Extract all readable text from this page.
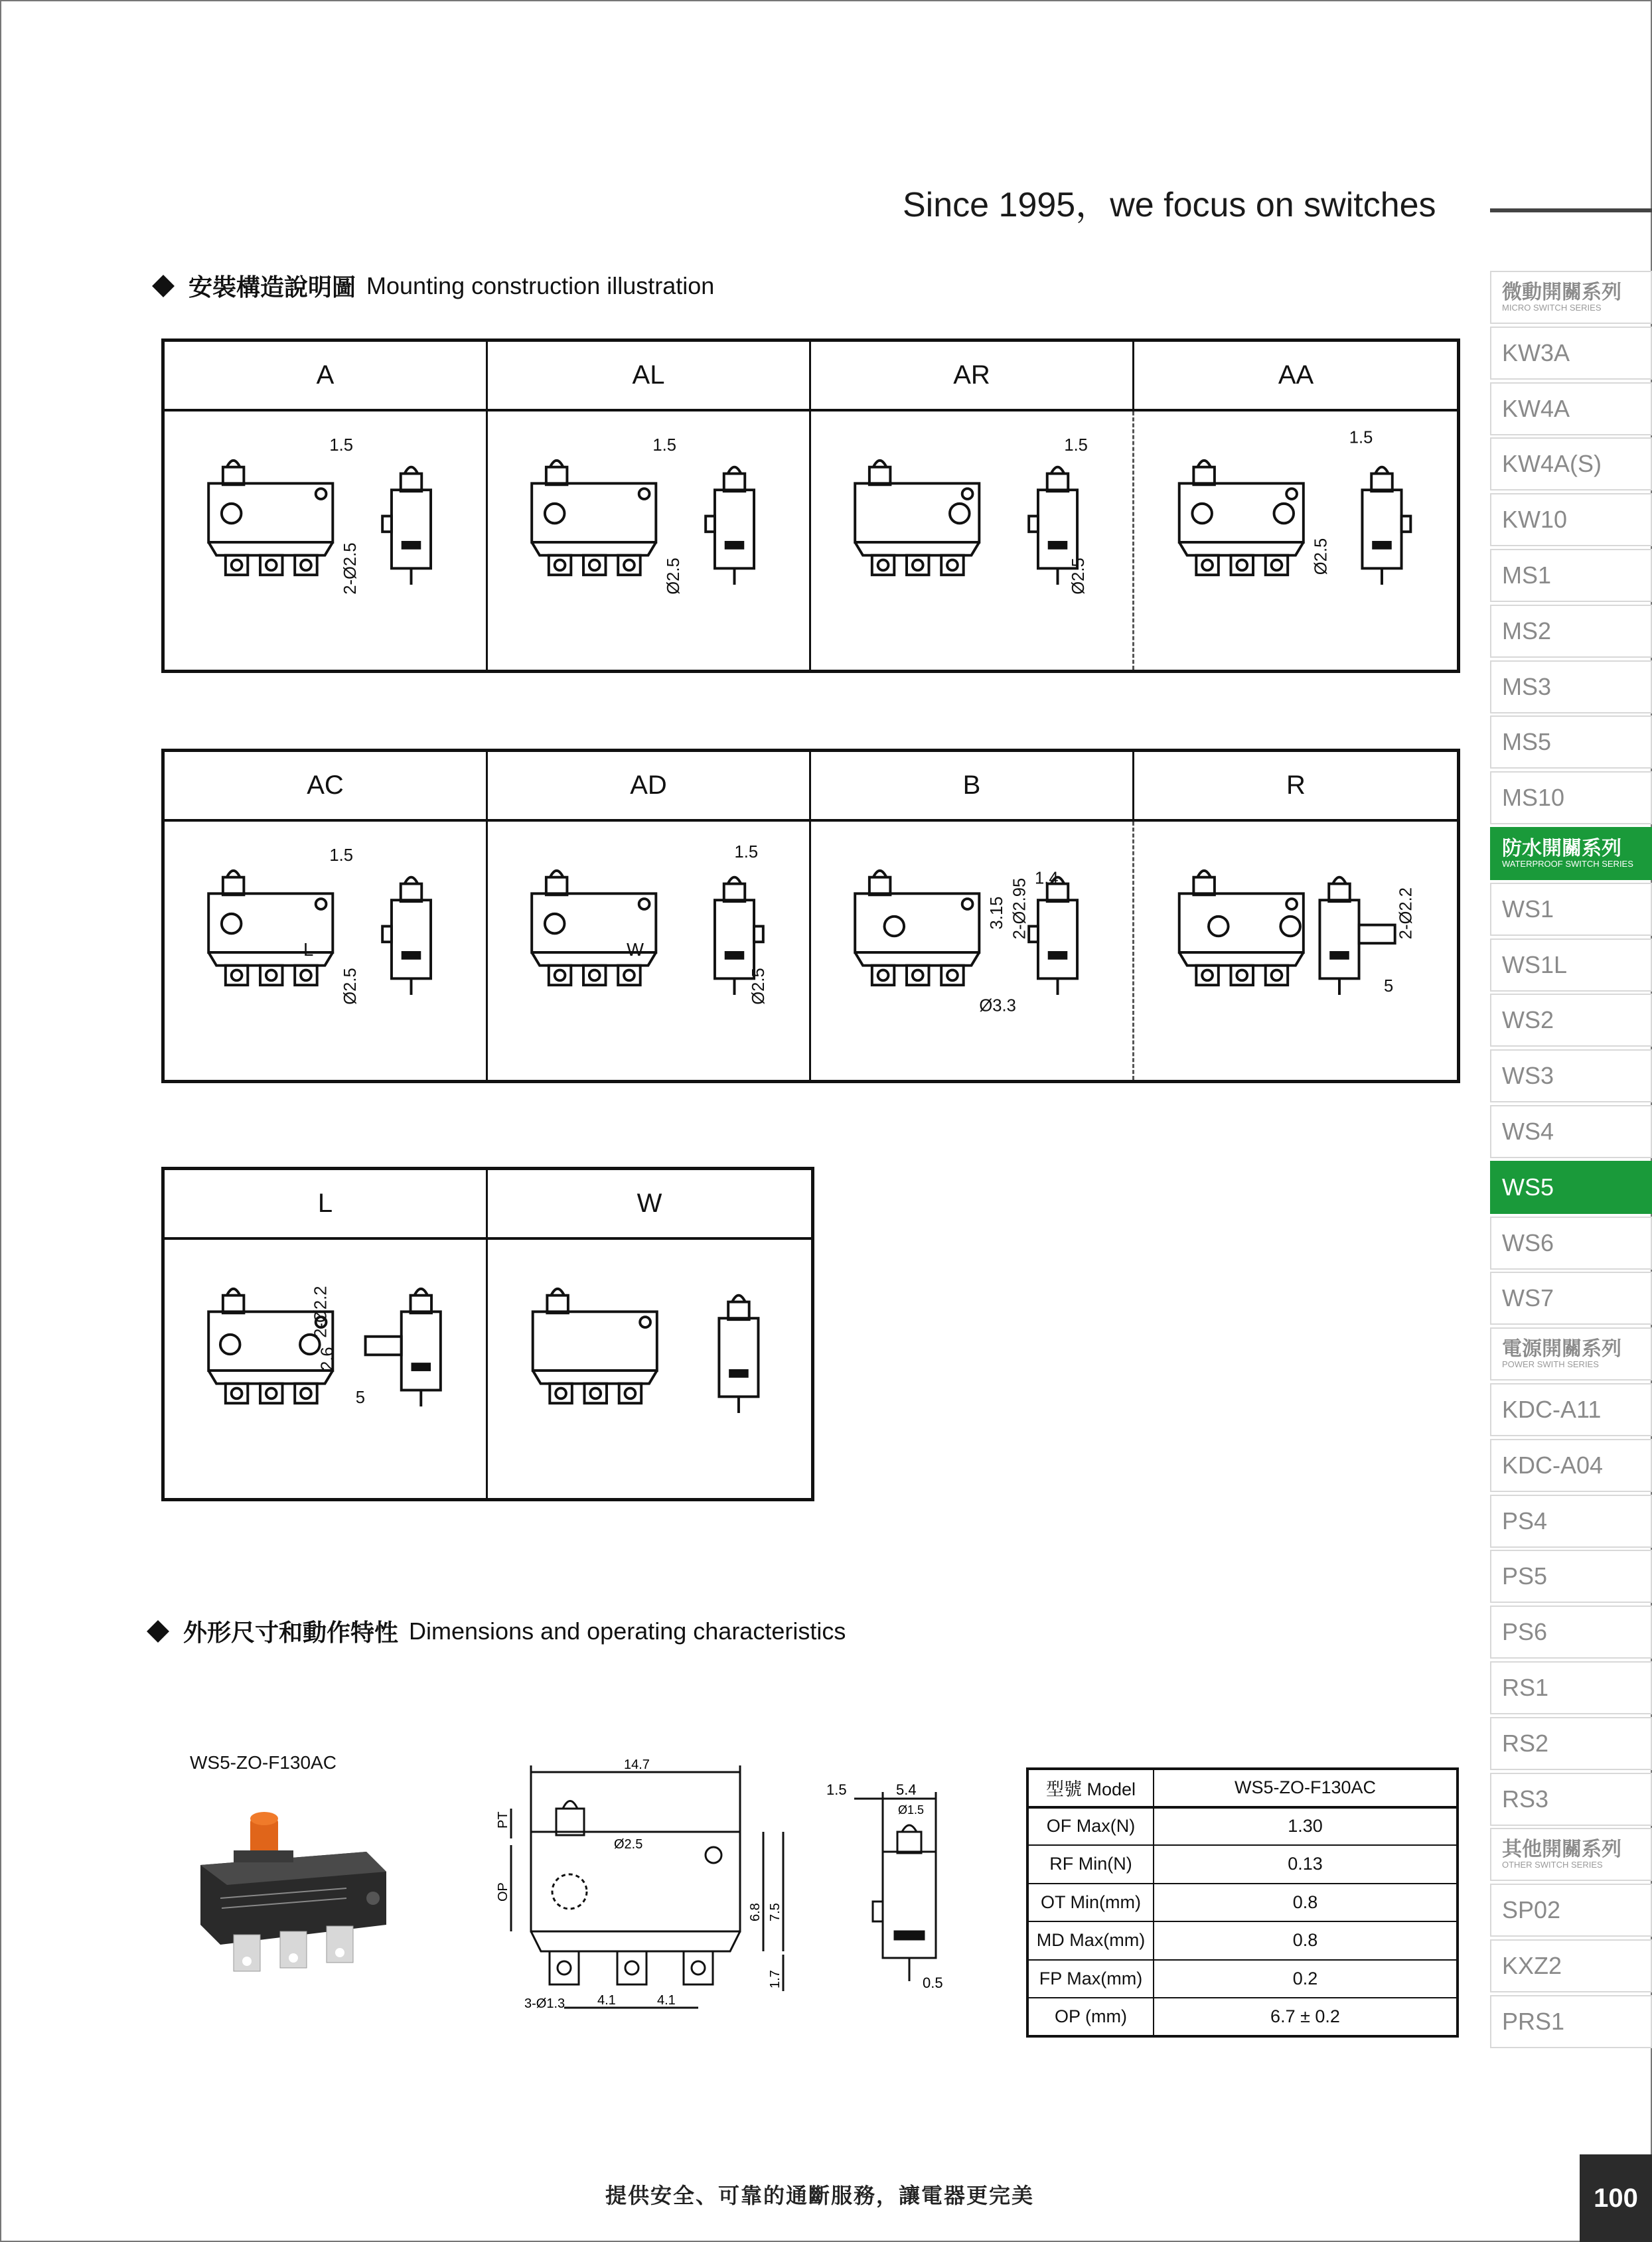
Since 1995，we focus on switches
安裝構造說明圖 Mounting construction illustration
A	AL	AR	AA
1.5
2-Ø2.5
1.5
Ø2.5
1.5
Ø2.5
1.5
Ø2.5
AC	AD	B	R
L
1.5
Ø2.5
W
1.5
Ø2.5
3.15 2-Ø2.95 1.4
Ø3.3
2-Ø2.2
5
L	W
2-Ø2.2
2.6
5
外形尺寸和動作特性 Dimensions and operating characteristics
WS5-ZO-F130AC	14.7
PT
OP
Ø2.5
6.8 7.5
1.7
3-Ø1.3 4.1	4.1
1.5	5.4
Ø1.5
0.5
型號 Model	WS5-ZO-F130AC
OF Max(N)	1.30
RF Min(N)	0.13
OT Min(mm)	0.8
MD Max(mm)	0.8
FP Max(mm)	0.2
OP (mm)	6.7 ± 0.2
微動開關系列
MICRO SWITCH SERIES
KW3A
KW4A
KW4A(S)
KW10
MS1
MS2
MS3
MS5
MS10
防水開關系列
WATERPROOF SWITCH SERIES
WS1
WS1L
WS2
WS3
WS4
WS5
WS6
WS7
電源開關系列
POWER SWITH SERIES
KDC-A11
KDC-A04
PS4
PS5
PS6
RS1
RS2
RS3
其他開關系列
OTHER SWITCH SERIES
SP02
KXZ2
PRS1
提供安全、可靠的通斷服務，讓電器更完美	100
